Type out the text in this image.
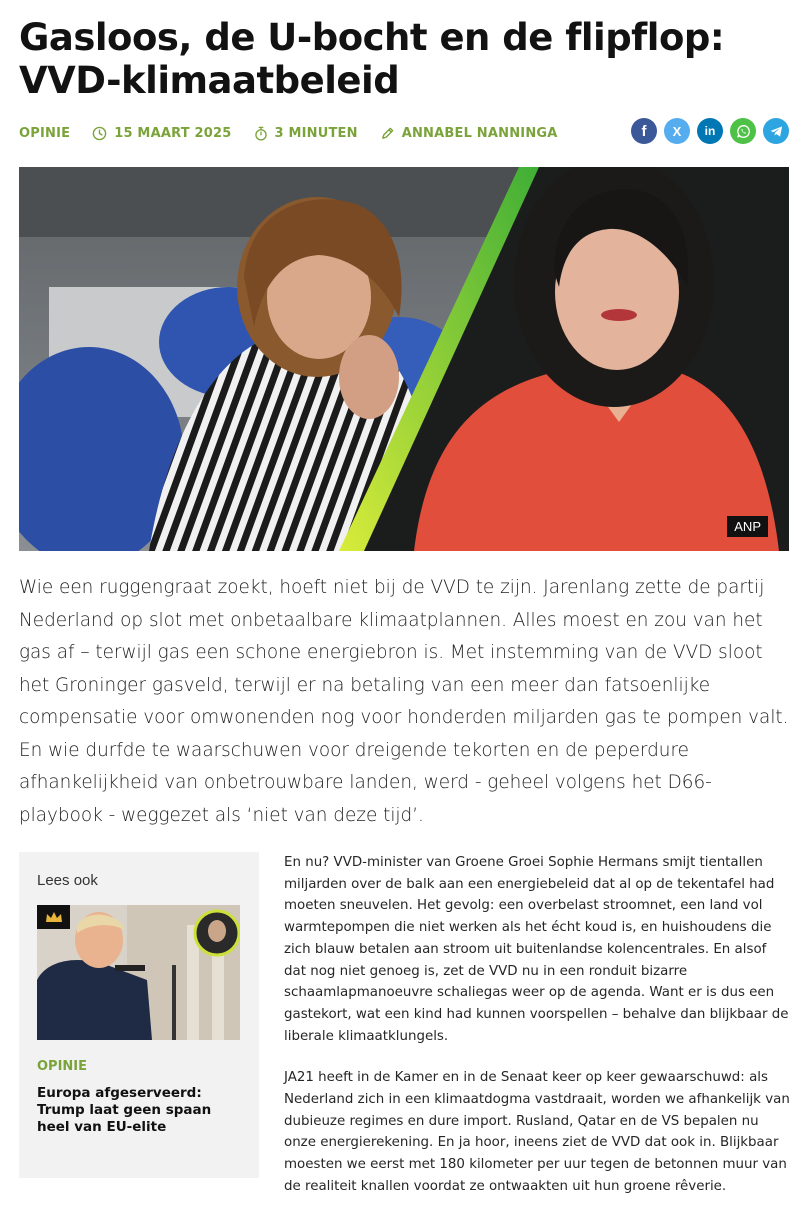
Gasloos, de U-bocht en de flipflop: VVD-klimaatbeleid
OPINIE	15 MAART 2025	3 MINUTEN	ANNABEL NANNINGA	f X in
ANP

Wie een ruggengraat zoekt, hoeft niet bij de VVD te zijn. Jarenlang zette de partij Nederland op slot met onbetaalbare klimaatplannen. Alles moest en zou van het gas af – terwijl gas een schone energiebron is. Met instemming van de VVD sloot het Groninger gasveld, terwijl er na betaling van een meer dan fatsoenlijke compensatie voor omwonenden nog voor honderden miljarden gas te pompen valt. En wie durfde te waarschuwen voor dreigende tekorten en de peperdure afhankelijkheid van onbetrouwbare landen, werd - geheel volgens het D66-playbook - weggezet als ‘niet van deze tijd’.

Lees ook
OPINIE
Europa afgeserveerd: Trump laat geen spaan heel van EU-elite

En nu? VVD-minister van Groene Groei Sophie Hermans smijt tientallen miljarden over de balk aan een energiebeleid dat al op de tekentafel had moeten sneuvelen. Het gevolg: een overbelast stroomnet, een land vol warmtepompen die niet werken als het écht koud is, en huishoudens die zich blauw betalen aan stroom uit buitenlandse kolencentrales. En alsof dat nog niet genoeg is, zet de VVD nu in een ronduit bizarre schaamlapmanoeuvre schaliegas weer op de agenda. Want er is dus een gastekort, wat een kind had kunnen voorspellen – behalve dan blijkbaar de liberale klimaatklungels.

JA21 heeft in de Kamer en in de Senaat keer op keer gewaarschuwd: als Nederland zich in een klimaatdogma vastdraait, worden we afhankelijk van dubieuze regimes en dure import. Rusland, Qatar en de VS bepalen nu onze energierekening. En ja hoor, ineens ziet de VVD dat ook in. Blijkbaar moesten we eerst met 180 kilometer per uur tegen de betonnen muur van de realiteit knallen voordat ze ontwaakten uit hun groene rêverie.
